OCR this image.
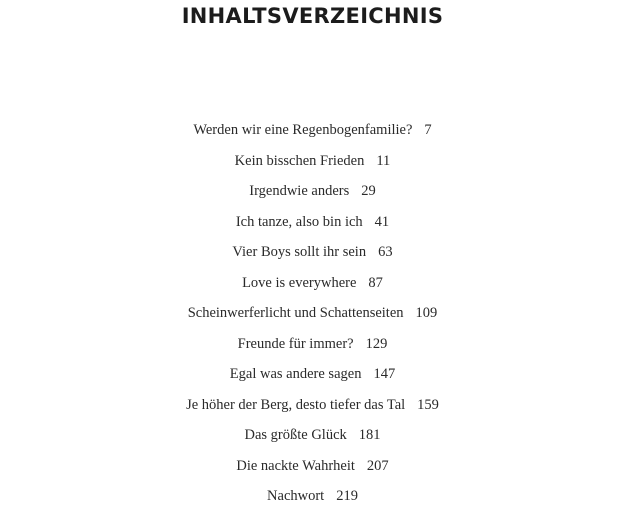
INHALTSVERZEICHNIS
Werden wir eine Regenbogenfamilie? 7
Kein bisschen Frieden 11
Irgendwie anders 29
Ich tanze, also bin ich 41
Vier Boys sollt ihr sein 63
Love is everywhere 87
Scheinwerferlicht und Schattenseiten 109
Freunde für immer? 129
Egal was andere sagen 147
Je höher der Berg, desto tiefer das Tal 159
Das größte Glück 181
Die nackte Wahrheit 207
Nachwort 219
